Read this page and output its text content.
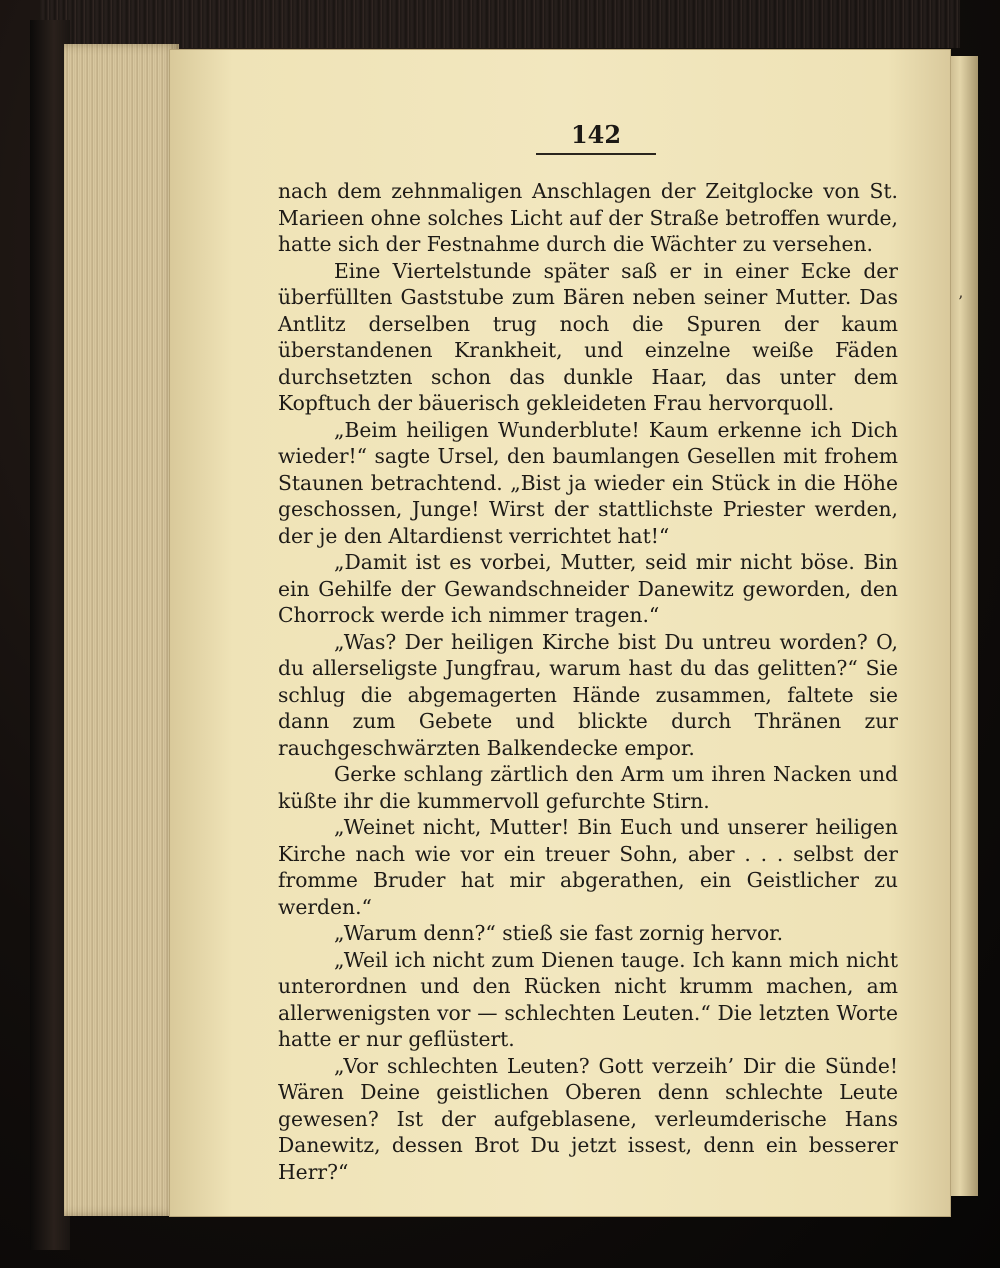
142

nach dem zehnmaligen Anschlagen der Zeitglocke von St. Marieen ohne solches Licht auf der Straße betroffen wurde, hatte sich der Festnahme durch die Wächter zu versehen.

Eine Viertelstunde später saß er in einer Ecke der überfüllten Gaststube zum Bären neben seiner Mutter. Das Antlitz derselben trug noch die Spuren der kaum überstandenen Krankheit, und einzelne weiße Fäden durchsetzten schon das dunkle Haar, das unter dem Kopftuch der bäuerisch gekleideten Frau hervorquoll.

„Beim heiligen Wunderblute! Kaum erkenne ich Dich wieder!“ sagte Ursel, den baumlangen Gesellen mit frohem Staunen betrachtend. „Bist ja wieder ein Stück in die Höhe geschossen, Junge! Wirst der stattlichste Priester werden, der je den Altardienst verrichtet hat!“

„Damit ist es vorbei, Mutter, seid mir nicht böse. Bin ein Gehilfe der Gewandschneider Danewitz geworden, den Chorrock werde ich nimmer tragen.“

„Was? Der heiligen Kirche bist Du untreu worden? O, du allerseligste Jungfrau, warum hast du das gelitten?“ Sie schlug die abgemagerten Hände zusammen, faltete sie dann zum Gebete und blickte durch Thränen zur rauchgeschwärzten Balkendecke empor.

Gerke schlang zärtlich den Arm um ihren Nacken und küßte ihr die kummervoll gefurchte Stirn.

„Weinet nicht, Mutter! Bin Euch und unserer heiligen Kirche nach wie vor ein treuer Sohn, aber . . . selbst der fromme Bruder hat mir abgerathen, ein Geistlicher zu werden.“

„Warum denn?“ stieß sie fast zornig hervor.

„Weil ich nicht zum Dienen tauge. Ich kann mich nicht unterordnen und den Rücken nicht krumm machen, am allerwenigsten vor — schlechten Leuten.“ Die letzten Worte hatte er nur geflüstert.

„Vor schlechten Leuten? Gott verzeih’ Dir die Sünde! Wären Deine geistlichen Oberen denn schlechte Leute gewesen? Ist der aufgeblasene, verleumderische Hans Danewitz, dessen Brot Du jetzt issest, denn ein besserer Herr?“

’
